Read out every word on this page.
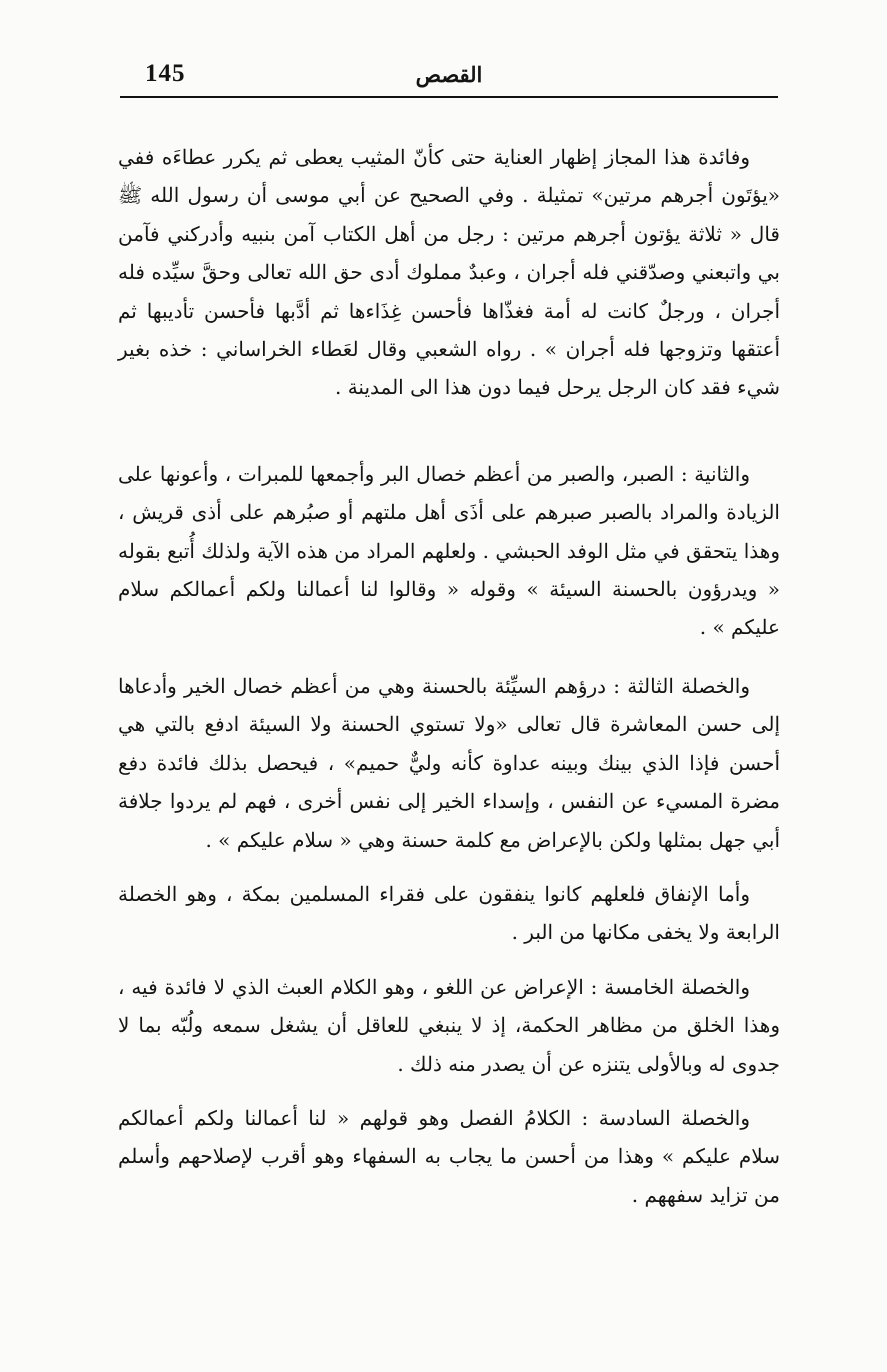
145	القصص

وفائدة هذا المجاز إظهار العناية حتى كأنّ المثيب يعطى ثم يكرر عطاءَه ففي «يؤتَون أجرهم مرتين» تمثيلة . وفي الصحيح عن أبي موسى أن رسول الله ﷺ قال « ثلاثة يؤتون أجرهم مرتين : رجل من أهل الكتاب آمن بنبيه وأدركني فآمن بي واتبعني وصدّقني فله أجران ، وعبدٌ مملوك أدى حق الله تعالى وحقَّ سيِّده فله أجران ، ورجلٌ كانت له أمة فغذّاها فأحسن غِذَاءها ثم أدَّبها فأحسن تأديبها ثم أعتقها وتزوجها فله أجران » . رواه الشعبي وقال لعَطاء الخراساني : خذه بغير شيء فقد كان الرجل يرحل فيما دون هذا الى المدينة .

والثانية : الصبر، والصبر من أعظم خصال البر وأجمعها للمبرات ، وأعونها على الزيادة والمراد بالصبر صبرهم على أذَى أهل ملتهم أو صبُرهم على أذى قريش ، وهذا يتحقق في مثل الوفد الحبشي . ولعلهم المراد من هذه الآية ولذلك أُتبع بقوله « ويدرؤون بالحسنة السيئة » وقوله « وقالوا لنا أعمالنا ولكم أعمالكم سلام عليكم » .

والخصلة الثالثة : درؤهم السيِّئة بالحسنة وهي من أعظم خصال الخير وأدعاها إلى حسن المعاشرة قال تعالى «ولا تستوي الحسنة ولا السيئة ادفع بالتي هي أحسن فإذا الذي بينك وبينه عداوة كأنه وليٌّ حميم» ، فيحصل بذلك فائدة دفع مضرة المسيء عن النفس ، وإسداء الخير إلى نفس أخرى ، فهم لم يردوا جلافة أبي جهل بمثلها ولكن بالإعراض مع كلمة حسنة وهي « سلام عليكم » .

وأما الإنفاق فلعلهم كانوا ينفقون على فقراء المسلمين بمكة ، وهو الخصلة الرابعة ولا يخفى مكانها من البر .

والخصلة الخامسة : الإعراض عن اللغو ، وهو الكلام العبث الذي لا فائدة فيه ، وهذا الخلق من مظاهر الحكمة، إذ لا ينبغي للعاقل أن يشغل سمعه ولُبّه بما لا جدوى له وبالأولى يتنزه عن أن يصدر منه ذلك .

والخصلة السادسة : الكلامُ الفصل وهو قولهم « لنا أعمالنا ولكم أعمالكم سلام عليكم » وهذا من أحسن ما يجاب به السفهاء وهو أقرب لإصلاحهم وأسلم من تزايد سفههم .
